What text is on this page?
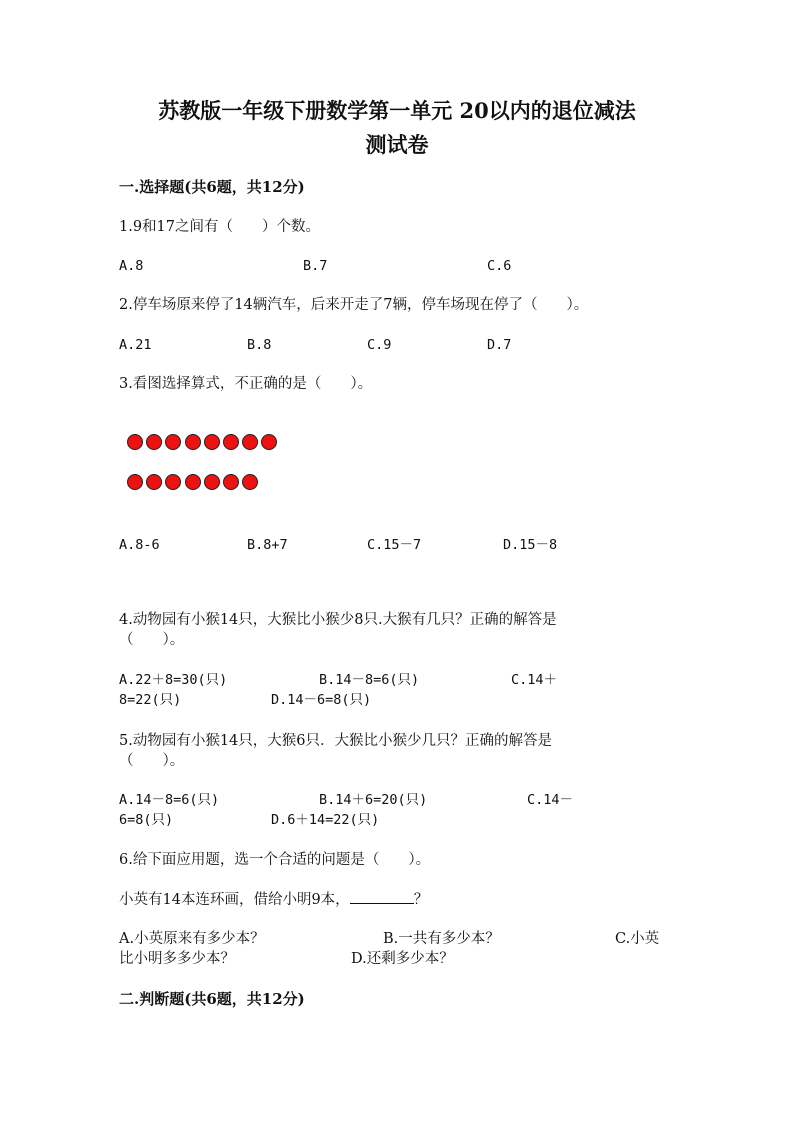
苏教版一年级下册数学第一单元 20以内的退位减法
测试卷
一.选择题(共6题，共12分)
1.9和17之间有（　　）个数。
A.8	B.7	C.6
2.停车场原来停了14辆汽车，后来开走了7辆，停车场现在停了（　　）。
A.21	B.8	C.9	D.7
3.看图选择算式，不正确的是（　　）。
A.8-6	B.8+7	C.15－7	D.15－8
4.动物园有小猴14只，大猴比小猴少8只.大猴有几只？正确的解答是
（　　）。
A.22＋8=30(只)	B.14－8=6(只)	C.14＋
8=22(只)	D.14－6=8(只)
5.动物园有小猴14只，大猴6只．大猴比小猴少几只？正确的解答是
（　　）。
A.14－8=6(只)	B.14＋6=20(只)	C.14－
6=8(只)	D.6＋14=22(只)
6.给下面应用题，选一个合适的问题是（　　）。
小英有14本连环画，借给小明9本，	？
A.小英原来有多少本？	B.一共有多少本？	C.小英
比小明多多少本？	D.还剩多少本？
二.判断题(共6题，共12分)
